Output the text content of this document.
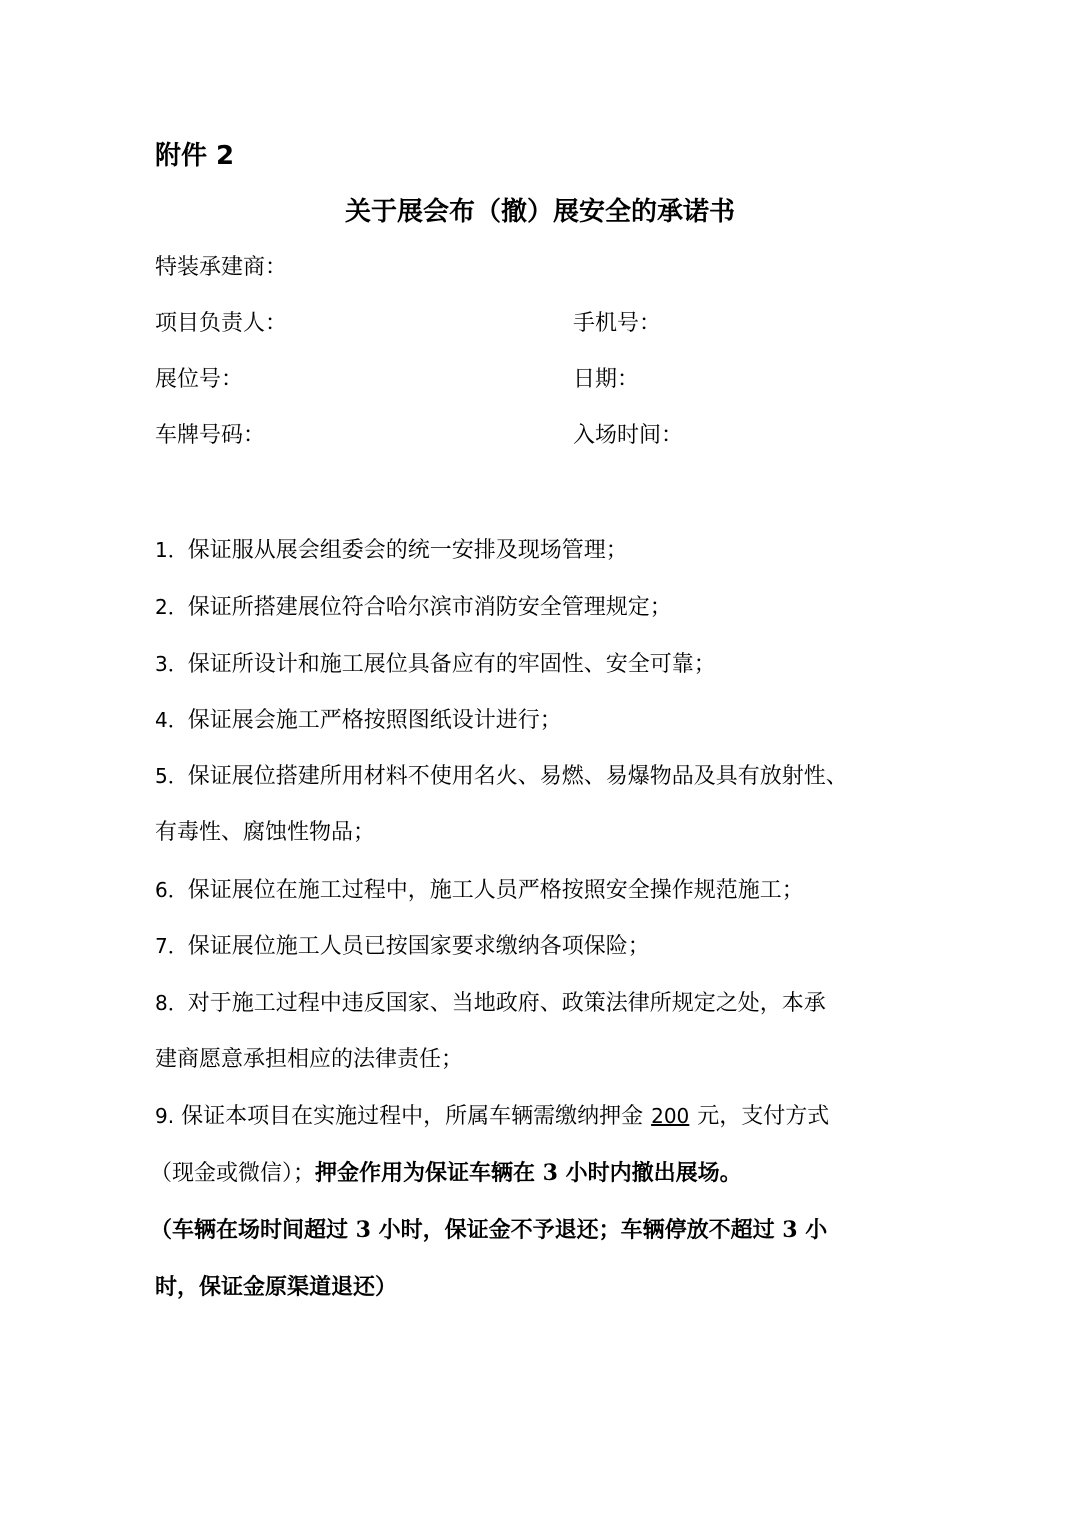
附件 2
关于展会布（撤）展安全的承诺书
特装承建商：
项目负责人：	手机号：
展位号：	日期：
车牌号码：	入场时间：
1．保证服从展会组委会的统一安排及现场管理；
2．保证所搭建展位符合哈尔滨市消防安全管理规定；
3．保证所设计和施工展位具备应有的牢固性、安全可靠；
4．保证展会施工严格按照图纸设计进行；
5．保证展位搭建所用材料不使用名火、易燃、易爆物品及具有放射性、
有毒性、腐蚀性物品；
6．保证展位在施工过程中，施工人员严格按照安全操作规范施工；
7．保证展位施工人员已按国家要求缴纳各项保险；
8．对于施工过程中违反国家、当地政府、政策法律所规定之处，本承
建商愿意承担相应的法律责任；
9. 保证本项目在实施过程中，所属车辆需缴纳押金 200 元，支付方式
（现金或微信）；押金作用为保证车辆在 3 小时内撤出展场。
（车辆在场时间超过 3 小时，保证金不予退还；车辆停放不超过 3 小
时，保证金原渠道退还）
